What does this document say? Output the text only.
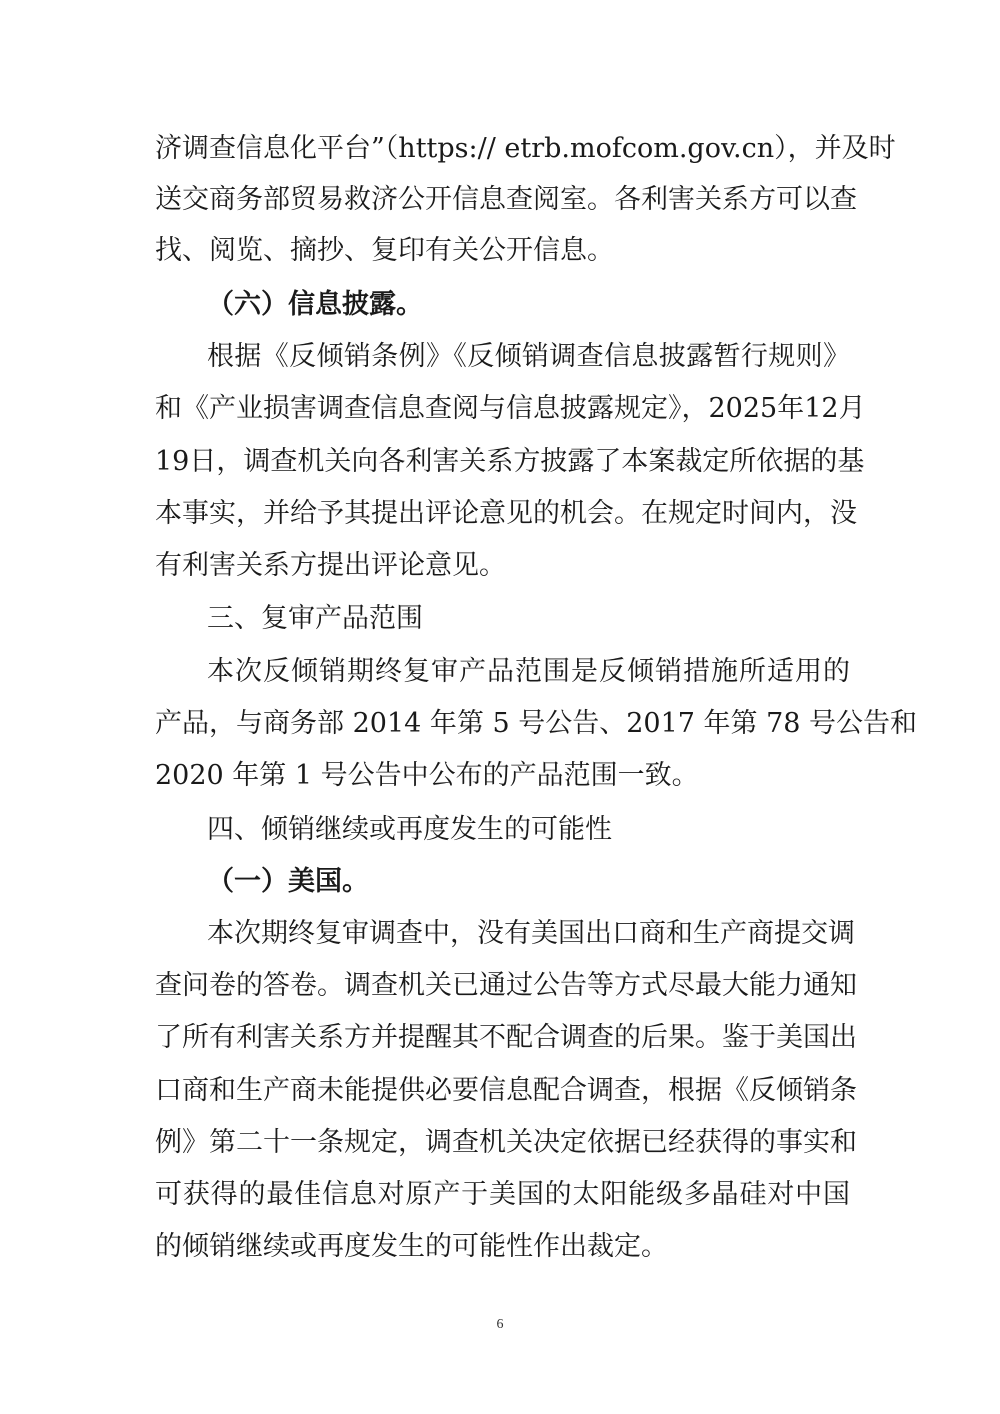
济调查信息化平台”（https:// etrb.mofcom.gov.cn），并及时
送交商务部贸易救济公开信息查阅室。各利害关系方可以查
找、阅览、摘抄、复印有关公开信息。
（六）信息披露。
根据《反倾销条例》《反倾销调查信息披露暂行规则》
和《产业损害调查信息查阅与信息披露规定》，2025年12月
19日，调查机关向各利害关系方披露了本案裁定所依据的基
本事实，并给予其提出评论意见的机会。在规定时间内，没
有利害关系方提出评论意见。
三、复审产品范围
本次反倾销期终复审产品范围是反倾销措施所适用的
产品，与商务部 2014 年第 5 号公告、2017 年第 78 号公告和
2020 年第 1 号公告中公布的产品范围一致。
四、倾销继续或再度发生的可能性
（一）美国。
本次期终复审调查中，没有美国出口商和生产商提交调
查问卷的答卷。调查机关已通过公告等方式尽最大能力通知
了所有利害关系方并提醒其不配合调查的后果。鉴于美国出
口商和生产商未能提供必要信息配合调查，根据《反倾销条
例》第二十一条规定，调查机关决定依据已经获得的事实和
可获得的最佳信息对原产于美国的太阳能级多晶硅对中国
的倾销继续或再度发生的可能性作出裁定。
6
